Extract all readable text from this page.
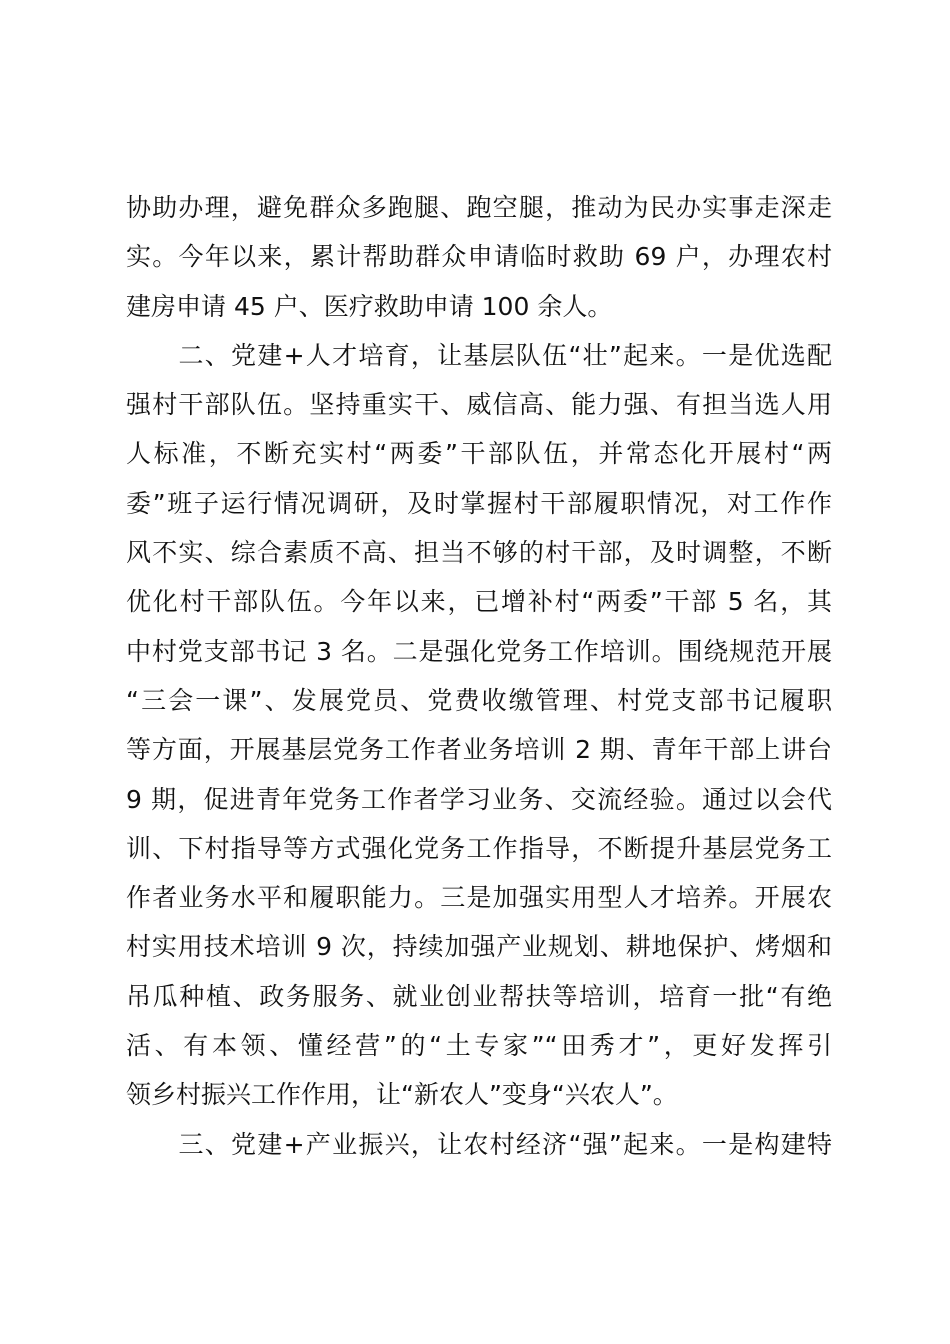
协助办理，避免群众多跑腿、跑空腿，推动为民办实事走深走
实。今年以来，累计帮助群众申请临时救助 69 户，办理农村
建房申请 45 户、医疗救助申请 100 余人。
　　二、党建+人才培育，让基层队伍“壮”起来。一是优选配
强村干部队伍。坚持重实干、威信高、能力强、有担当选人用
人标准，不断充实村“两委”干部队伍，并常态化开展村“两
委”班子运行情况调研，及时掌握村干部履职情况，对工作作
风不实、综合素质不高、担当不够的村干部，及时调整，不断
优化村干部队伍。今年以来，已增补村“两委”干部 5 名，其
中村党支部书记 3 名。二是强化党务工作培训。围绕规范开展
“三会一课”、发展党员、党费收缴管理、村党支部书记履职
等方面，开展基层党务工作者业务培训 2 期、青年干部上讲台
9 期，促进青年党务工作者学习业务、交流经验。通过以会代
训、下村指导等方式强化党务工作指导，不断提升基层党务工
作者业务水平和履职能力。三是加强实用型人才培养。开展农
村实用技术培训 9 次，持续加强产业规划、耕地保护、烤烟和
吊瓜种植、政务服务、就业创业帮扶等培训，培育一批“有绝
活、有本领、懂经营”的“土专家”“田秀才”，更好发挥引
领乡村振兴工作作用，让“新农人”变身“兴农人”。
　　三、党建+产业振兴，让农村经济“强”起来。一是构建特
